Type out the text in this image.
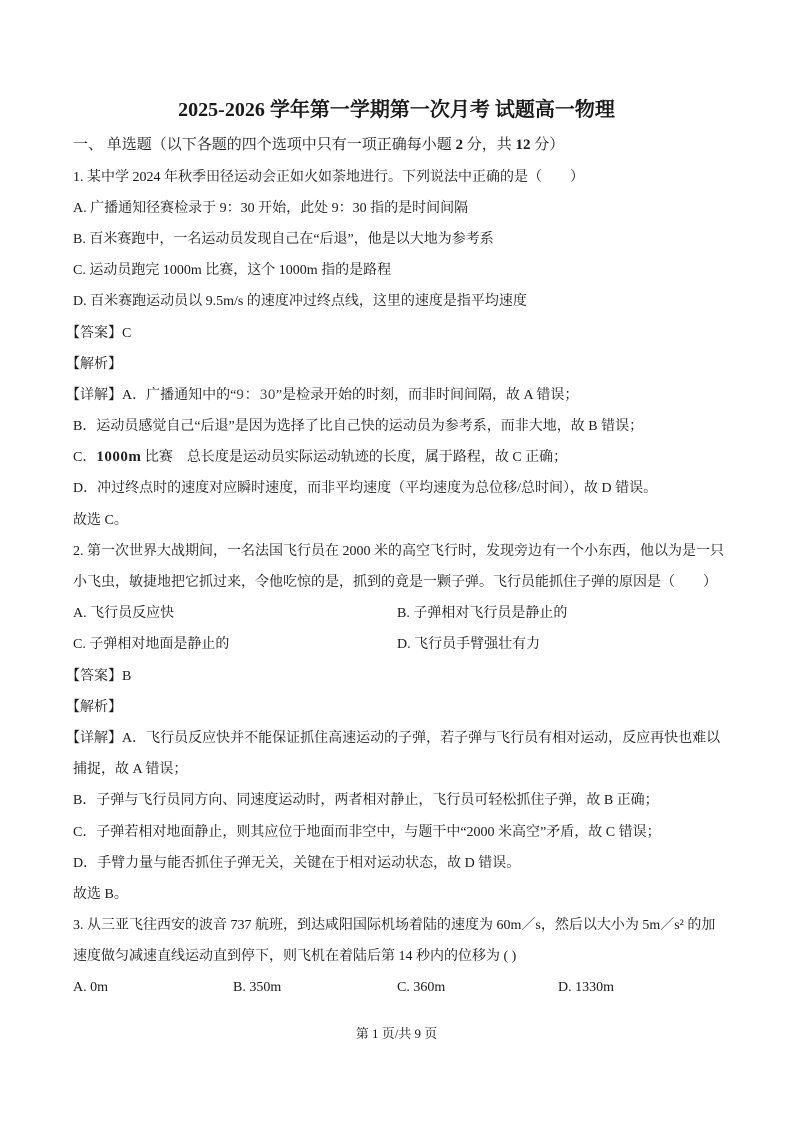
2025-2026 学年第一学期第一次月考 试题高一物理
一、 单选题（以下各题的四个选项中只有一项正确每小题 2 分，共 12 分）
1. 某中学 2024 年秋季田径运动会正如火如荼地进行。下列说法中正确的是（　　）
A. 广播通知径赛检录于 9：30 开始，此处 9：30 指的是时间间隔
B. 百米赛跑中，一名运动员发现自己在“后退”，他是以大地为参考系
C. 运动员跑完 1000m 比赛，这个 1000m 指的是路程
D. 百米赛跑运动员以 9.5m/s 的速度冲过终点线，这里的速度是指平均速度
【答案】C
【解析】
【详解】A．广播通知中的“9：30”是检录开始的时刻，而非时间间隔，故 A 错误；
B．运动员感觉自己“后退”是因为选择了比自己快的运动员为参考系，而非大地，故 B 错误；
C．1000m 比赛　总长度是运动员实际运动轨迹的长度，属于路程，故 C 正确；
D．冲过终点时的速度对应瞬时速度，而非平均速度（平均速度为总位移/总时间），故 D 错误。
故选 C。
2. 第一次世界大战期间，一名法国飞行员在 2000 米的高空飞行时，发现旁边有一个小东西，他以为是一只
小飞虫，敏捷地把它抓过来，令他吃惊的是，抓到的竟是一颗子弹。飞行员能抓住子弹的原因是（　　）
A. 飞行员反应快	B. 子弹相对飞行员是静止的
C. 子弹相对地面是静止的	D. 飞行员手臂强壮有力
【答案】B
【解析】
【详解】A．飞行员反应快并不能保证抓住高速运动的子弹，若子弹与飞行员有相对运动，反应再快也难以
捕捉，故 A 错误；
B．子弹与飞行员同方向、同速度运动时，两者相对静止，飞行员可轻松抓住子弹，故 B 正确；
C．子弹若相对地面静止，则其应位于地面而非空中，与题干中“2000 米高空”矛盾，故 C 错误；
D．手臂力量与能否抓住子弹无关，关键在于相对运动状态，故 D 错误。
故选 B。
3. 从三亚飞往西安的波音 737 航班，到达咸阳国际机场着陆的速度为 60m／s，然后以大小为 5m／s² 的加
速度做匀减速直线运动直到停下，则飞机在着陆后第 14 秒内的位移为 ( )
A. 0m	B. 350m	C. 360m	D. 1330m
第 1 页/共 9 页
